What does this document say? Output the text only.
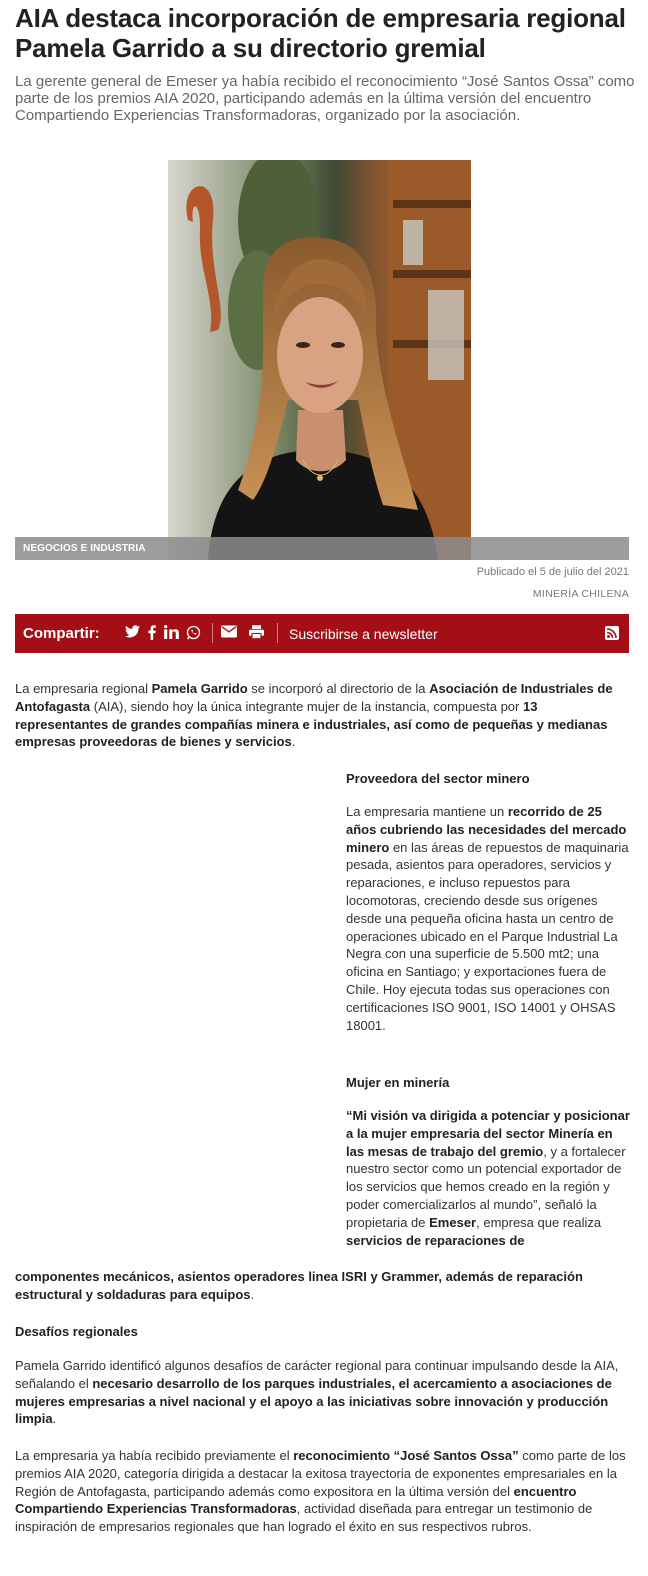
AIA destaca incorporación de empresaria regional Pamela Garrido a su directorio gremial

La gerente general de Emeser ya había recibido el reconocimiento “José Santos Ossa” como parte de los premios AIA 2020, participando además en la última versión del encuentro Compartiendo Experiencias Transformadoras, organizado por la asociación.

NEGOCIOS E INDUSTRIA
Publicado el 5 de julio del 2021
MINERÍA CHILENA
Compartir:	Suscribirse a newsletter

La empresaria regional Pamela Garrido se incorporó al directorio de la Asociación de Industriales de Antofagasta (AIA), siendo hoy la única integrante mujer de la instancia, compuesta por 13 representantes de grandes compañías minera e industriales, así como de pequeñas y medianas empresas proveedoras de bienes y servicios.

Proveedora del sector minero

La empresaria mantiene un recorrido de 25 años cubriendo las necesidades del mercado minero en las áreas de repuestos de maquinaria pesada, asientos para operadores, servicios y reparaciones, e incluso repuestos para locomotoras, creciendo desde sus orígenes desde una pequeña oficina hasta un centro de operaciones ubicado en el Parque Industrial La Negra con una superficie de 5.500 mt2; una oficina en Santiago; y exportaciones fuera de Chile. Hoy ejecuta todas sus operaciones con certificaciones ISO 9001, ISO 14001 y OHSAS 18001.

Mujer en minería

“Mi visión va dirigida a potenciar y posicionar a la mujer empresaria del sector Minería en las mesas de trabajo del gremio, y a fortalecer nuestro sector como un potencial exportador de los servicios que hemos creado en la región y poder comercializarlos al mundo”, señaló la propietaria de Emeser, empresa que realiza servicios de reparaciones de

componentes mecánicos, asientos operadores linea ISRI y Grammer, además de reparación estructural y soldaduras para equipos.

Desafíos regionales

Pamela Garrido identificó algunos desafíos de carácter regional para continuar impulsando desde la AIA, señalando el necesario desarrollo de los parques industriales, el acercamiento a asociaciones de mujeres empresarias a nivel nacional y el apoyo a las iniciativas sobre innovación y producción limpia.

La empresaria ya había recibido previamente el reconocimiento “José Santos Ossa” como parte de los premios AIA 2020, categoría dirigida a destacar la exitosa trayectoria de exponentes empresariales en la Región de Antofagasta, participando además como expositora en la última versión del encuentro Compartiendo Experiencias Transformadoras, actividad diseñada para entregar un testimonio de inspiración de empresarios regionales que han logrado el éxito en sus respectivos rubros.
